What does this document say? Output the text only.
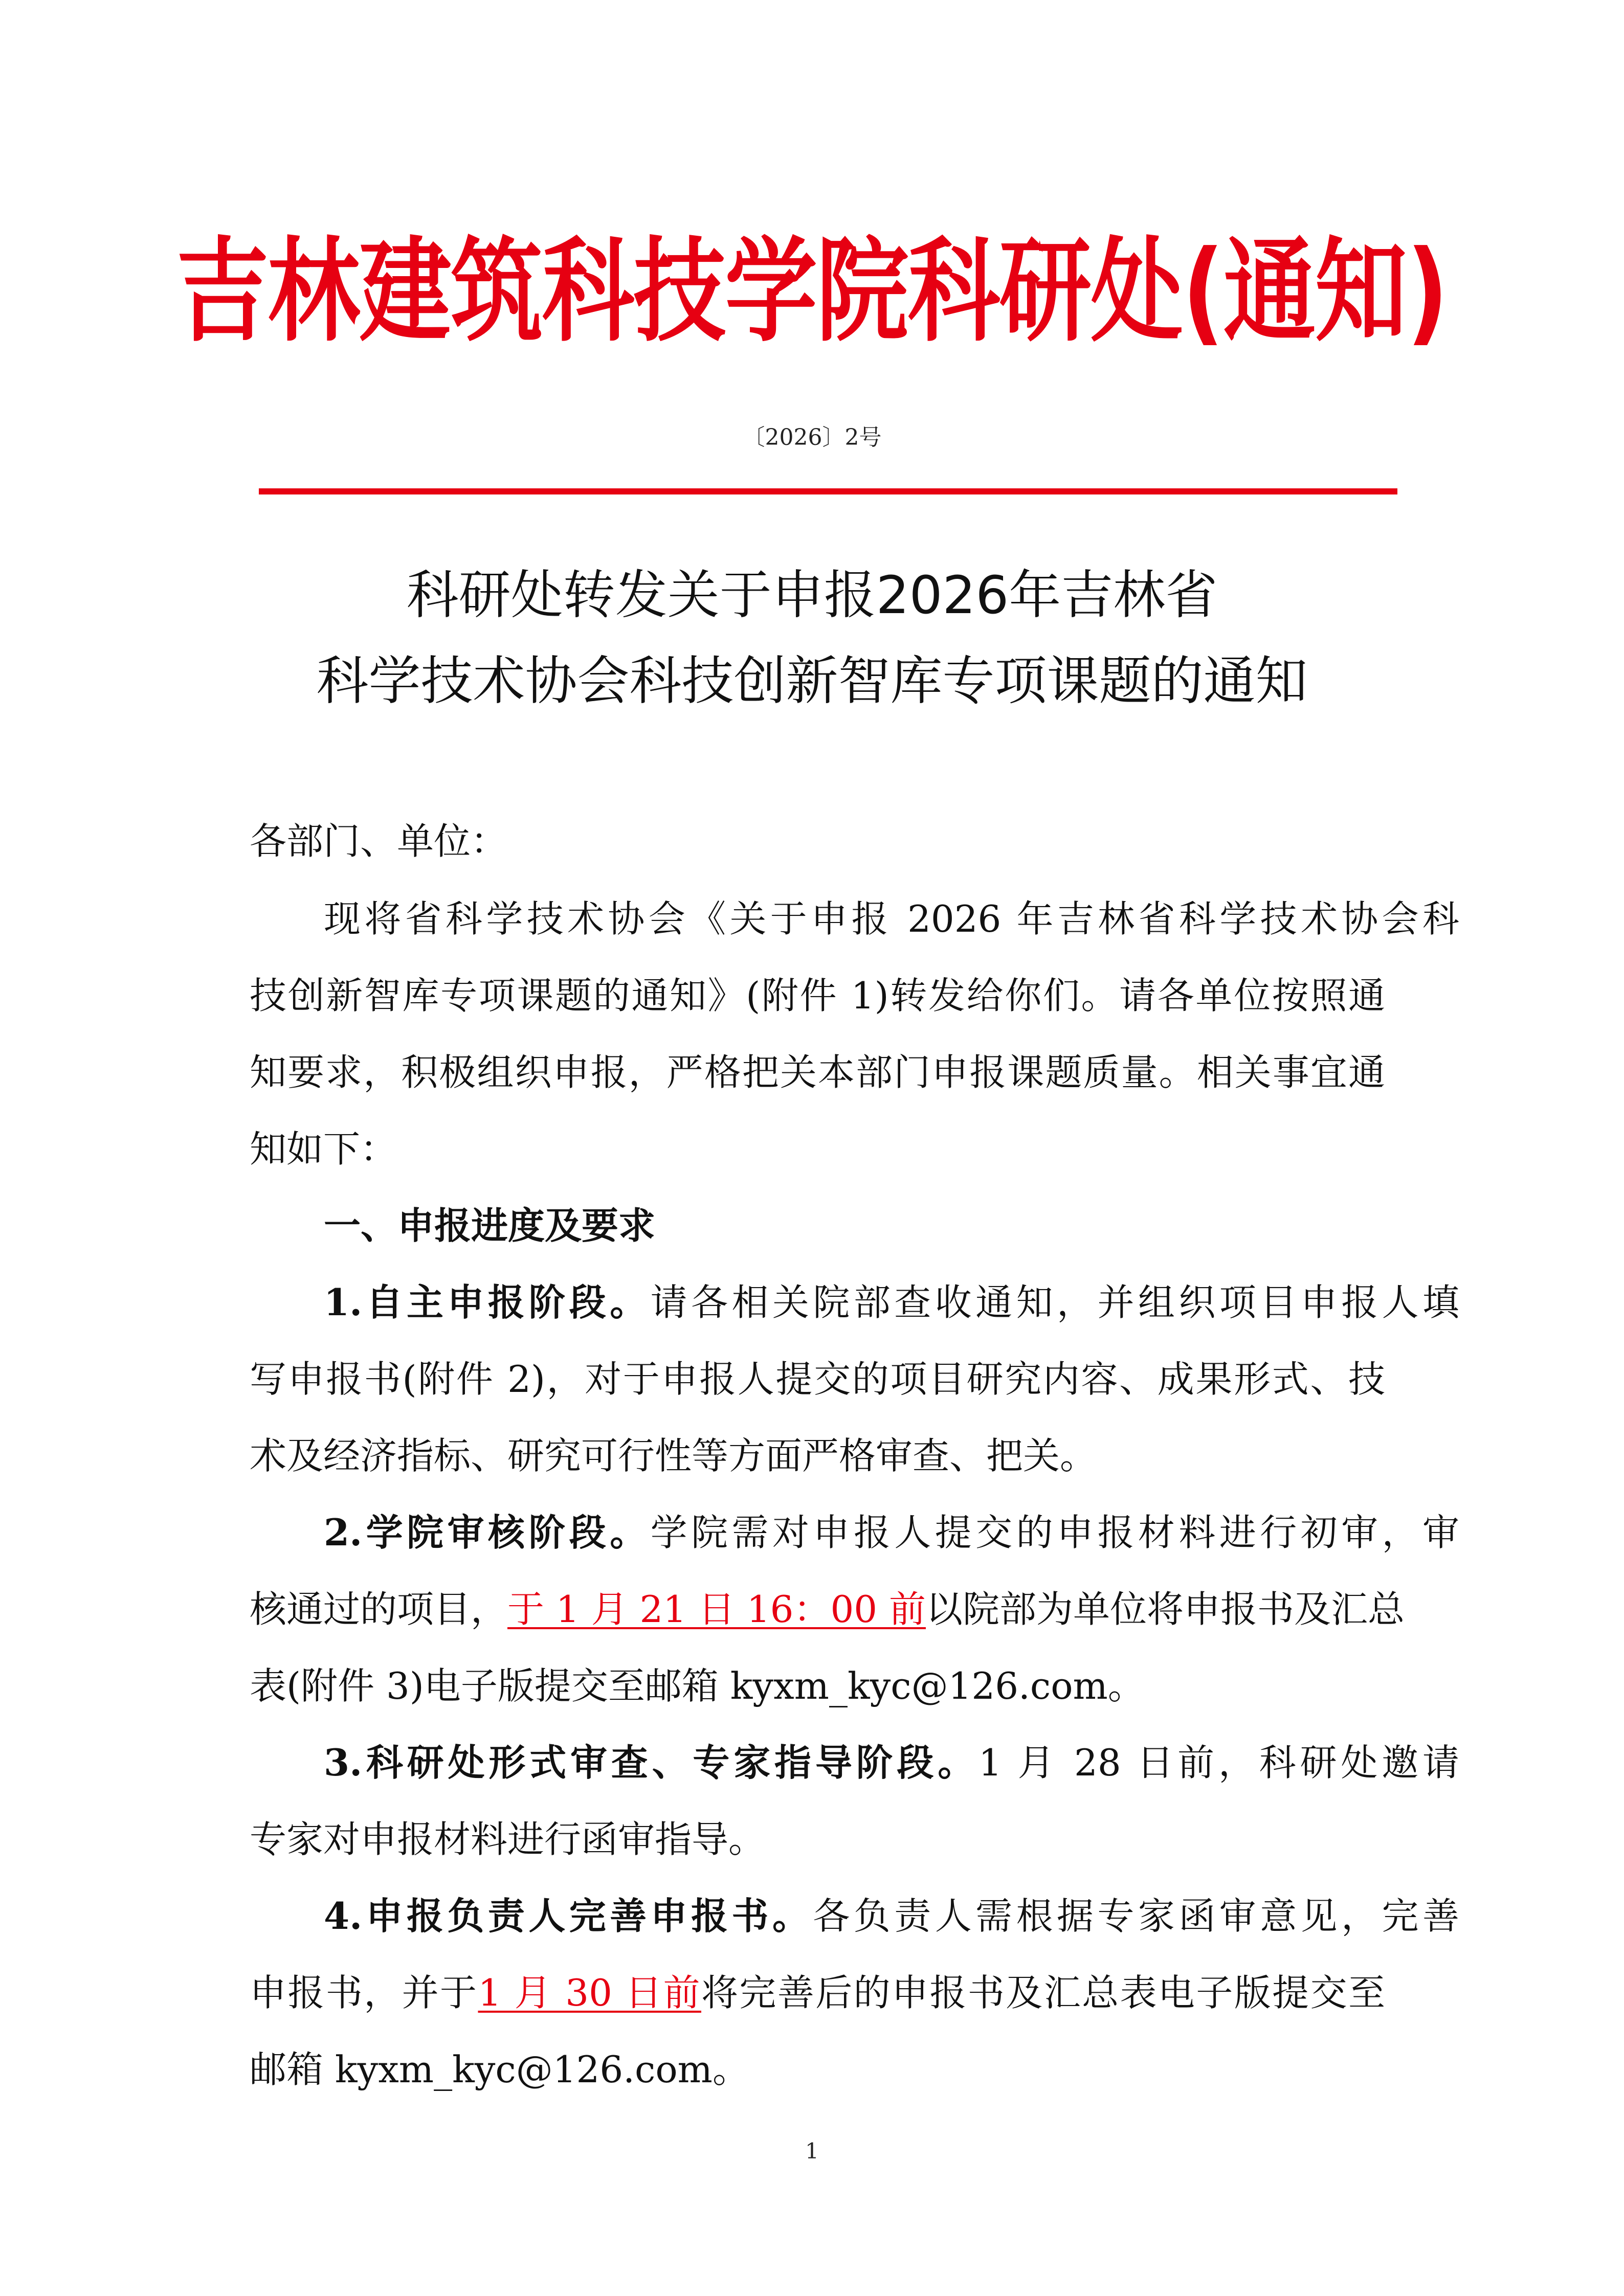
吉林建筑科技学院科研处(通知)
〔2026〕2号
科研处转发关于申报2026年吉林省
科学技术协会科技创新智库专项课题的通知
各部门、单位：
现将省科学技术协会《关于申报 2026 年吉林省科学技术协会科
技创新智库专项课题的通知》(附件 1)转发给你们。请各单位按照通
知要求，积极组织申报，严格把关本部门申报课题质量。相关事宜通
知如下：
一、申报进度及要求
1.自主申报阶段。请各相关院部查收通知，并组织项目申报人填
写申报书(附件 2)，对于申报人提交的项目研究内容、成果形式、技
术及经济指标、研究可行性等方面严格审查、把关。
2.学院审核阶段。学院需对申报人提交的申报材料进行初审，审
核通过的项目，于 1 月 21 日 16：00 前以院部为单位将申报书及汇总
表(附件 3)电子版提交至邮箱 kyxm_kyc@126.com。
3.科研处形式审查、专家指导阶段。1 月 28 日前，科研处邀请
专家对申报材料进行函审指导。
4.申报负责人完善申报书。各负责人需根据专家函审意见，完善
申报书，并于1 月 30 日前将完善后的申报书及汇总表电子版提交至
邮箱 kyxm_kyc@126.com。
1
